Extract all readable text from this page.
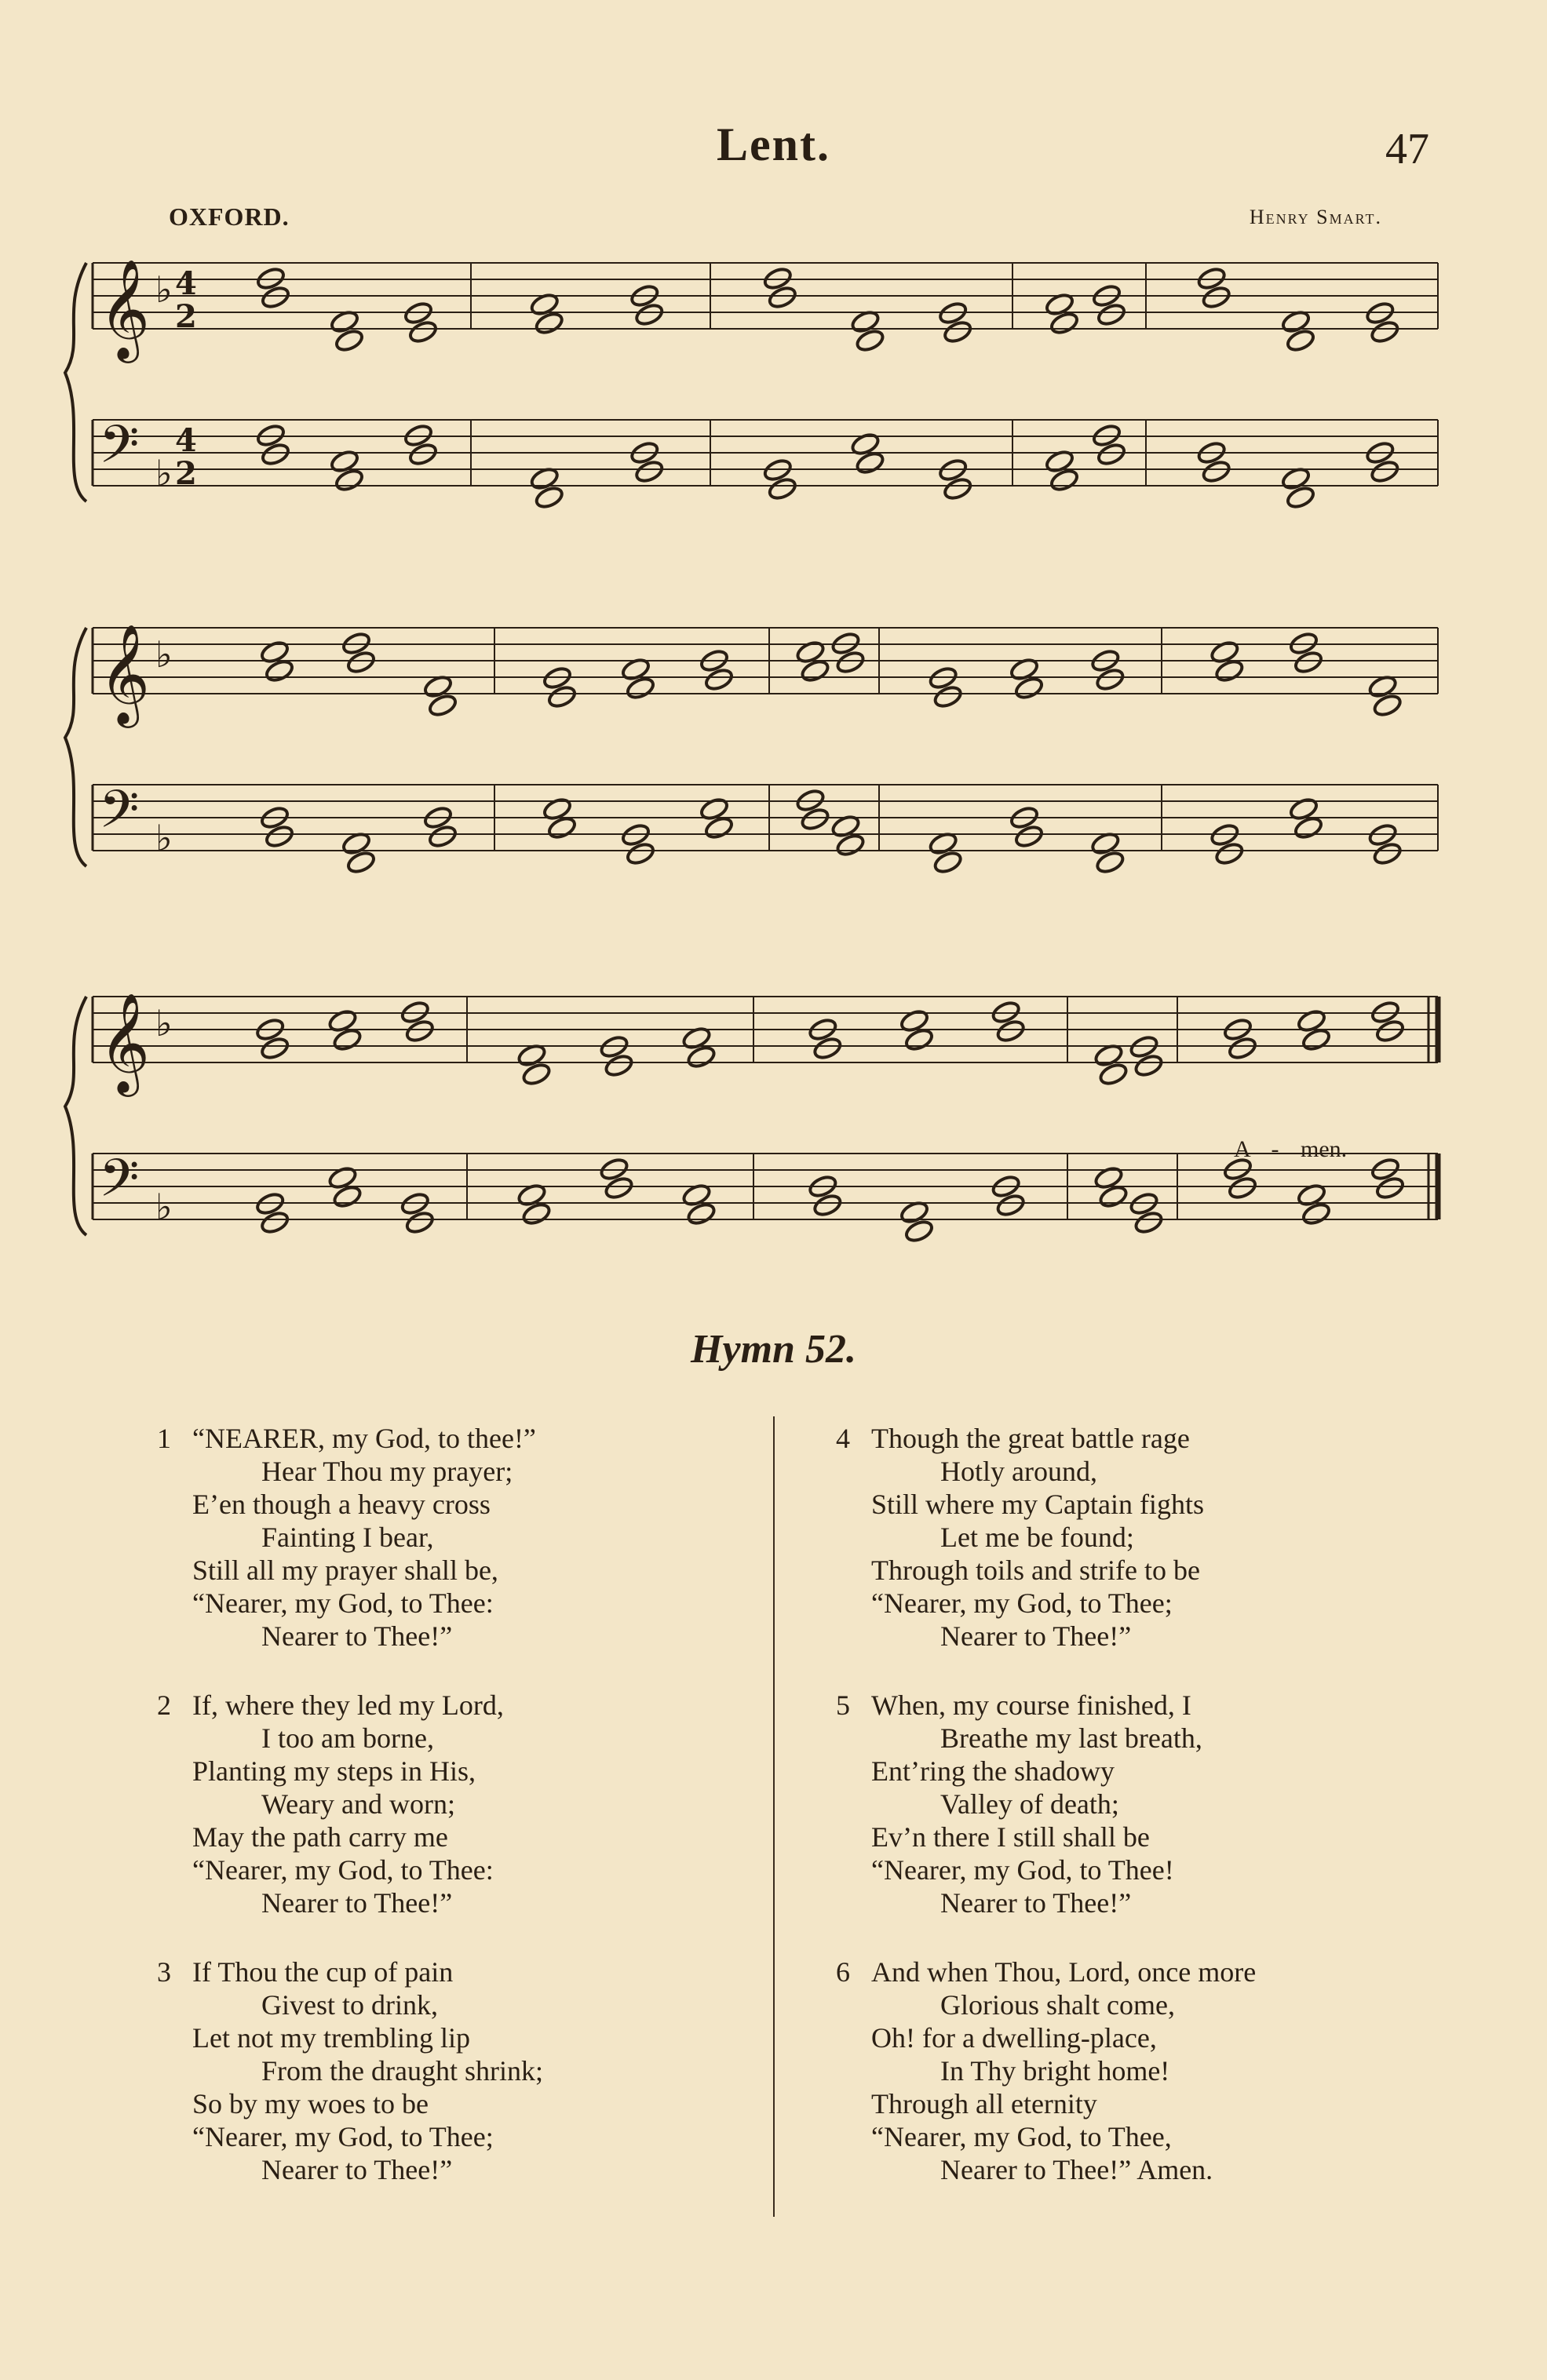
Lent.	47
OXFORD.	Henry Smart.
𝄞 ♭
𝄢 ♭
𝄞 ♭
𝄢 ♭
𝄞 ♭
𝄢 ♭
4
2
4
2
A - men.
Hymn 52.
1 “NEARER, my God, to thee!”
Hear Thou my prayer;
E’en though a heavy cross
Fainting I bear,
Still all my prayer shall be,
“Nearer, my God, to Thee:
Nearer to Thee!”
2 If, where they led my Lord,
I too am borne,
Planting my steps in His,
Weary and worn;
May the path carry me
“Nearer, my God, to Thee:
Nearer to Thee!”
3 If Thou the cup of pain
Givest to drink,
Let not my trembling lip
From the draught shrink;
So by my woes to be
“Nearer, my God, to Thee;
Nearer to Thee!”
4 Though the great battle rage
Hotly around,
Still where my Captain fights
Let me be found;
Through toils and strife to be
“Nearer, my God, to Thee;
Nearer to Thee!”
5 When, my course finished, I
Breathe my last breath,
Ent’ring the shadowy
Valley of death;
Ev’n there I still shall be
“Nearer, my God, to Thee!
Nearer to Thee!”
6 And when Thou, Lord, once more
Glorious shalt come,
Oh! for a dwelling-place,
In Thy bright home!
Through all eternity
“Nearer, my God, to Thee,
Nearer to Thee!” Amen.
